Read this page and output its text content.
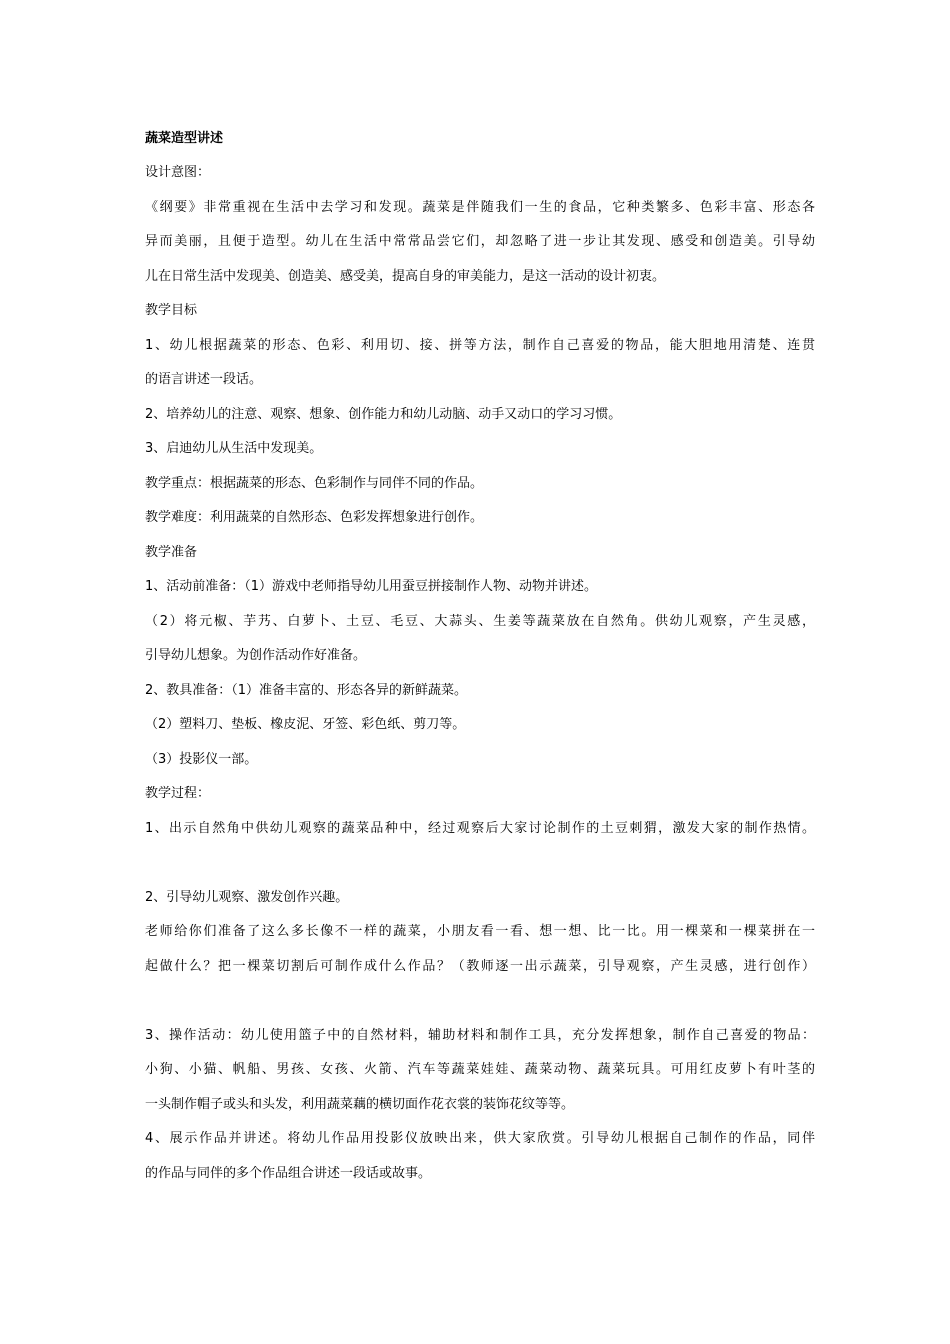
蔬菜造型讲述

设计意图：

《纲要》非常重视在生活中去学习和发现。蔬菜是伴随我们一生的食品，它种类繁多、色彩丰富、形态各

异而美丽，且便于造型。幼儿在生活中常常品尝它们，却忽略了进一步让其发现、感受和创造美。引导幼

儿在日常生活中发现美、创造美、感受美，提高自身的审美能力，是这一活动的设计初衷。

教学目标

1、幼儿根据蔬菜的形态、色彩、利用切、接、拼等方法，制作自己喜爱的物品，能大胆地用清楚、连贯

的语言讲述一段话。

2、培养幼儿的注意、观察、想象、创作能力和幼儿动脑、动手又动口的学习习惯。

3、启迪幼儿从生活中发现美。

教学重点：根据蔬菜的形态、色彩制作与同伴不同的作品。

教学难度：利用蔬菜的自然形态、色彩发挥想象进行创作。

教学准备

1、活动前准备：（1）游戏中老师指导幼儿用蚕豆拼接制作人物、动物并讲述。

（2）将元椒、芋艿、白萝卜、土豆、毛豆、大蒜头、生姜等蔬菜放在自然角。供幼儿观察，产生灵感，

引导幼儿想象。为创作活动作好准备。

2、教具准备：（1）准备丰富的、形态各异的新鲜蔬菜。

（2）塑料刀、垫板、橡皮泥、牙签、彩色纸、剪刀等。

（3）投影仪一部。

教学过程：

1、出示自然角中供幼儿观察的蔬菜品种中，经过观察后大家讨论制作的土豆刺猬，激发大家的制作热情。

2、引导幼儿观察、激发创作兴趣。

老师给你们准备了这么多长像不一样的蔬菜，小朋友看一看、想一想、比一比。用一棵菜和一棵菜拼在一

起做什么？把一棵菜切割后可制作成什么作品？（教师逐一出示蔬菜，引导观察，产生灵感，进行创作）

3、操作活动：幼儿使用篮子中的自然材料，辅助材料和制作工具，充分发挥想象，制作自己喜爱的物品：

小狗、小猫、帆船、男孩、女孩、火箭、汽车等蔬菜娃娃、蔬菜动物、蔬菜玩具。可用红皮萝卜有叶茎的

一头制作帽子或头和头发，利用蔬菜藕的横切面作花衣裳的装饰花纹等等。

4、展示作品并讲述。将幼儿作品用投影仪放映出来，供大家欣赏。引导幼儿根据自己制作的作品，同伴

的作品与同伴的多个作品组合讲述一段话或故事。
